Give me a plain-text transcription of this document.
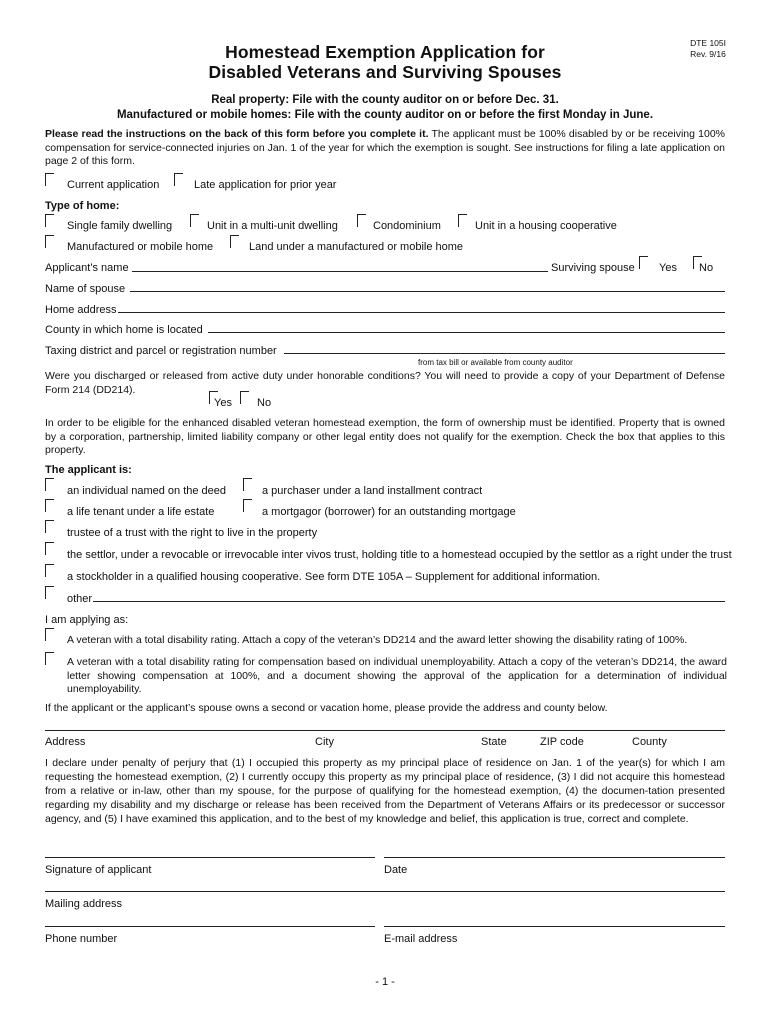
DTE 105I
Rev. 9/16
Homestead Exemption Application for
Disabled Veterans and Surviving Spouses
Real property: File with the county auditor on or before Dec. 31.
Manufactured or mobile homes: File with the county auditor on or before the first Monday in June.
Please read the instructions on the back of this form before you complete it. The applicant must be 100% disabled by or be receiving 100% compensation for service-connected injuries on Jan. 1 of the year for which the exemption is sought. See instructions for filing a late application on page 2 of this form.
Current application	Late application for prior year
Type of home:
Single family dwelling	Unit in a multi-unit dwelling	Condominium	Unit in a housing cooperative
Manufactured or mobile home	Land under a manufactured or mobile home
Applicant’s name	Surviving spouse Yes No
Name of spouse
Home address
County in which home is located
Taxing district and parcel or registration number
from tax bill or available from county auditor
Were you discharged or released from active duty under honorable conditions? You will need to provide a copy of your Department of Defense Form 214 (DD214).
Yes No
In order to be eligible for the enhanced disabled veteran homestead exemption, the form of ownership must be identified. Property that is owned by a corporation, partnership, limited liability company or other legal entity does not qualify for the exemption. Check the box that applies to this property.
The applicant is:
an individual named on the deed	a purchaser under a land installment contract
a life tenant under a life estate	a mortgagor (borrower) for an outstanding mortgage
trustee of a trust with the right to live in the property
the settlor, under a revocable or irrevocable inter vivos trust, holding title to a homestead occupied by the settlor as a right under the trust
a stockholder in a qualified housing cooperative. See form DTE 105A – Supplement for additional information.
other
I am applying as:
A veteran with a total disability rating. Attach a copy of the veteran’s DD214 and the award letter showing the disability rating of 100%.
A veteran with a total disability rating for compensation based on individual unemployability. Attach a copy of the veteran’s DD214, the award letter showing compensation at 100%, and a document showing the approval of the application for a determination of individual unemployability.
If the applicant or the applicant’s spouse owns a second or vacation home, please provide the address and county below.
Address	City	State	ZIP code	County
I declare under penalty of perjury that (1) I occupied this property as my principal place of residence on Jan. 1 of the year(s) for which I am requesting the homestead exemption, (2) I currently occupy this property as my principal place of residence, (3) I did not acquire this homestead from a relative or in-law, other than my spouse, for the purpose of qualifying for the homestead exemption, (4) the documen-tation presented regarding my disability and my discharge or release has been received from the Department of Veterans Affairs or its predecessor or successor agency, and (5) I have examined this application, and to the best of my knowledge and belief, this application is true, correct and complete.
Signature of applicant	Date
Mailing address
Phone number	E-mail address
- 1 -
